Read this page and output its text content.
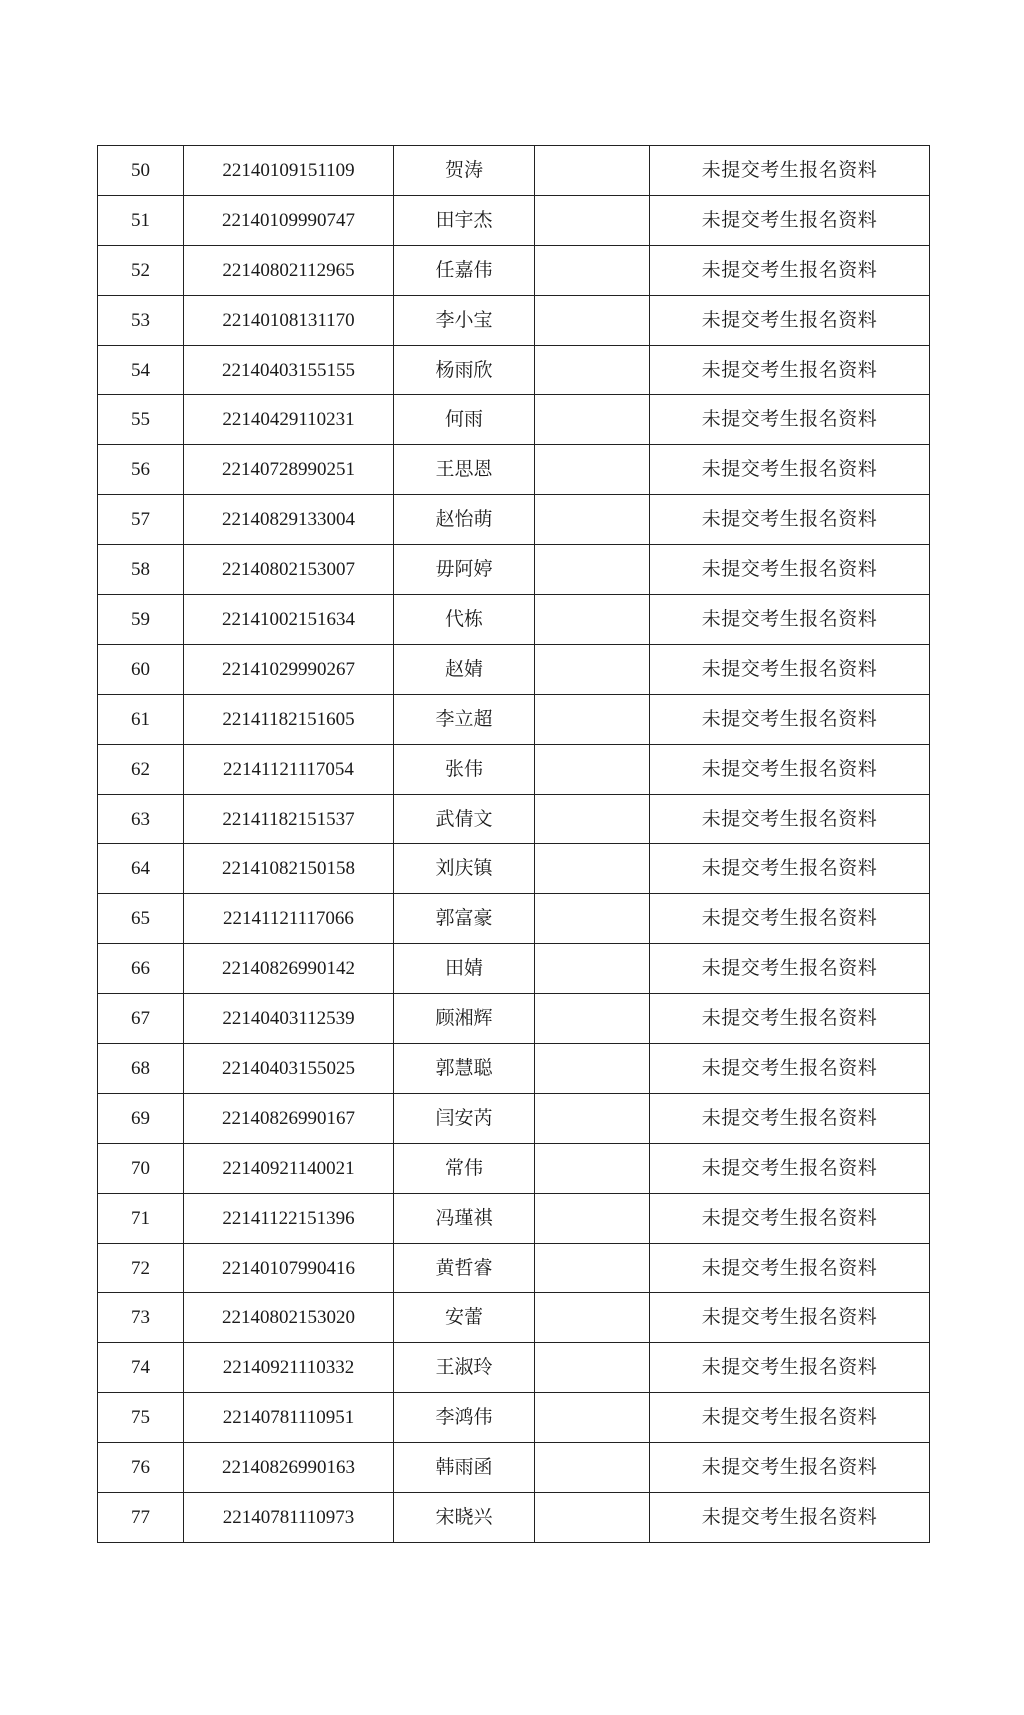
50	22140109151109	贺涛		未提交考生报名资料
51	22140109990747	田宇杰		未提交考生报名资料
52	22140802112965	任嘉伟		未提交考生报名资料
53	22140108131170	李小宝		未提交考生报名资料
54	22140403155155	杨雨欣		未提交考生报名资料
55	22140429110231	何雨		未提交考生报名资料
56	22140728990251	王思恩		未提交考生报名资料
57	22140829133004	赵怡萌		未提交考生报名资料
58	22140802153007	毋阿婷		未提交考生报名资料
59	22141002151634	代栋		未提交考生报名资料
60	22141029990267	赵婧		未提交考生报名资料
61	22141182151605	李立超		未提交考生报名资料
62	22141121117054	张伟		未提交考生报名资料
63	22141182151537	武倩文		未提交考生报名资料
64	22141082150158	刘庆镇		未提交考生报名资料
65	22141121117066	郭富豪		未提交考生报名资料
66	22140826990142	田婧		未提交考生报名资料
67	22140403112539	顾湘辉		未提交考生报名资料
68	22140403155025	郭慧聪		未提交考生报名资料
69	22140826990167	闫安芮		未提交考生报名资料
70	22140921140021	常伟		未提交考生报名资料
71	22141122151396	冯瑾祺		未提交考生报名资料
72	22140107990416	黄哲睿		未提交考生报名资料
73	22140802153020	安蕾		未提交考生报名资料
74	22140921110332	王淑玲		未提交考生报名资料
75	22140781110951	李鸿伟		未提交考生报名资料
76	22140826990163	韩雨函		未提交考生报名资料
77	22140781110973	宋晓兴		未提交考生报名资料
